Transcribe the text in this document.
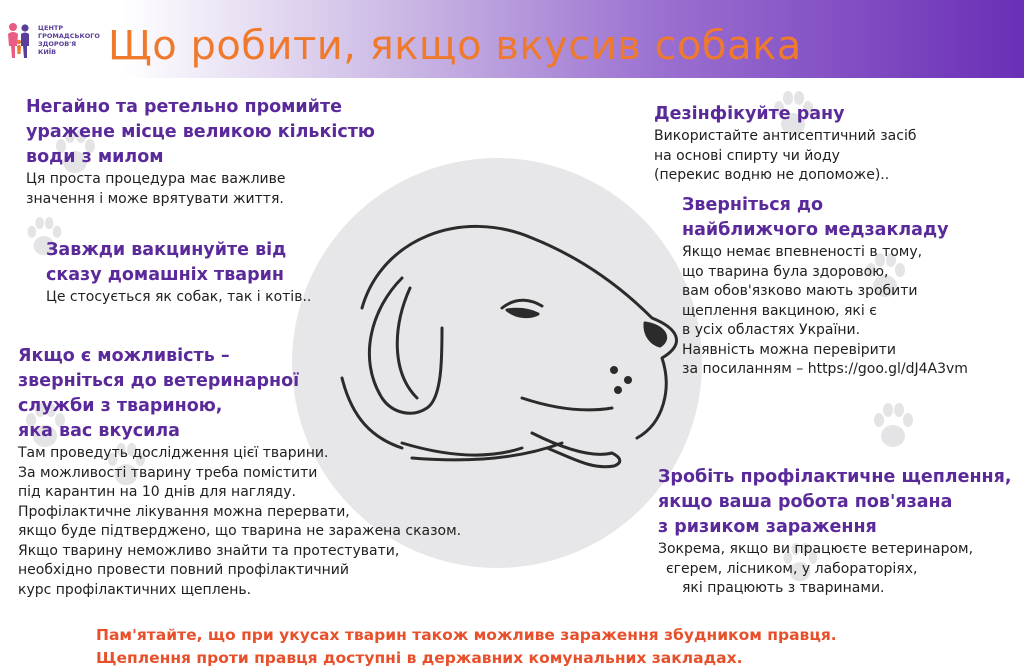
ЦЕНТР
ГРОМАДСЬКОГО
ЗДОРОВ'Я
КИЇВ	Що робити, якщо вкусив собака
Негайно та ретельно промийте
уражене місце великою кількістю
води з милом
Ця проста процедура має важливе
значення і може врятувати життя.
Завжди вакцинуйте від
сказу домашніх тварин
Це стосується як собак, так і котів..
Якщо є можливість –
зверніться до ветеринарної
служби з твариною,
яка вас вкусила
Там проведуть дослідження цієї тварини.
За можливості тварину треба помістити
під карантин на 10 днів для нагляду.
Профілактичне лікування можна перервати,
якщо буде підтверджено, що тварина не заражена сказом.
Якщо тварину неможливо знайти та протестувати,
необхідно провести повний профілактичний
курс профілактичних щеплень.
Дезінфікуйте рану
Використайте антисептичний засіб
на основі спирту чи йоду
(перекис водню не допоможе)..
Зверніться до
найближчого медзакладу
Якщо немає впевненості в тому,
що тварина була здоровою,
вам обов'язково мають зробити
щеплення вакциною, які є
в усіх областях України.
Наявність можна перевірити
за посиланням – https://goo.gl/dJ4A3vm
Зробіть профілактичне щеплення,
якщо ваша робота пов'язана
з ризиком зараження
Зокрема, якщо ви працюєте ветеринаром,
єгерем, лісником, у лабораторіях,
які працюють з тваринами.
Пам'ятайте, що при укусах тварин також можливе зараження збудником правця.
Щеплення проти правця доступні в державних комунальних закладах.
